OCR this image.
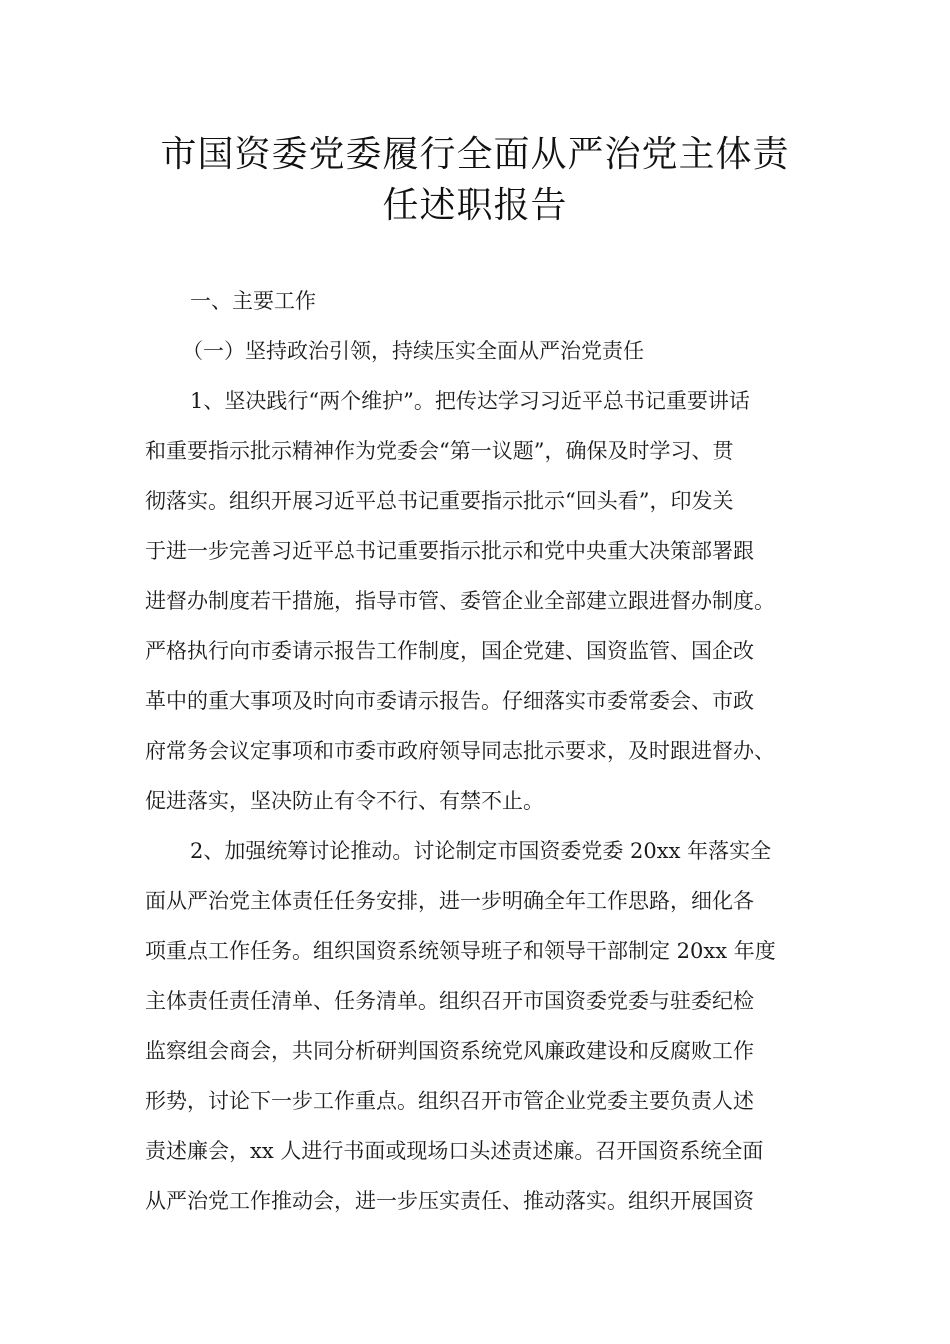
市国资委党委履行全面从严治党主体责
任述职报告
一、主要工作
（一）坚持政治引领，持续压实全面从严治党责任
1、坚决践行“两个维护”。把传达学习习近平总书记重要讲话
和重要指示批示精神作为党委会“第一议题”，确保及时学习、贯
彻落实。组织开展习近平总书记重要指示批示“回头看”，印发关
于进一步完善习近平总书记重要指示批示和党中央重大决策部署跟
进督办制度若干措施，指导市管、委管企业全部建立跟进督办制度。
严格执行向市委请示报告工作制度，国企党建、国资监管、国企改
革中的重大事项及时向市委请示报告。仔细落实市委常委会、市政
府常务会议定事项和市委市政府领导同志批示要求，及时跟进督办、
促进落实，坚决防止有令不行、有禁不止。
2、加强统筹讨论推动。讨论制定市国资委党委 20xx 年落实全
面从严治党主体责任任务安排，进一步明确全年工作思路，细化各
项重点工作任务。组织国资系统领导班子和领导干部制定 20xx 年度
主体责任责任清单、任务清单。组织召开市国资委党委与驻委纪检
监察组会商会，共同分析研判国资系统党风廉政建设和反腐败工作
形势，讨论下一步工作重点。组织召开市管企业党委主要负责人述
责述廉会，xx 人进行书面或现场口头述责述廉。召开国资系统全面
从严治党工作推动会，进一步压实责任、推动落实。组织开展国资
